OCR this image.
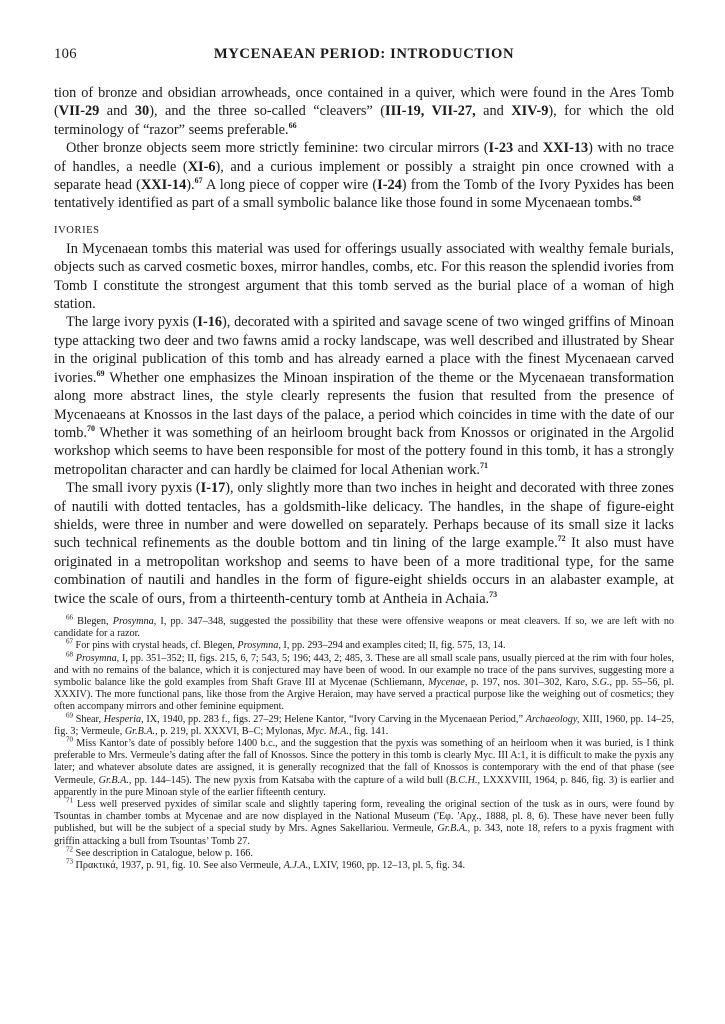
106	MYCENAEAN PERIOD: INTRODUCTION

tion of bronze and obsidian arrowheads, once contained in a quiver, which were found in the Ares Tomb (VII-29 and 30), and the three so-called “cleavers” (III-19, VII-27, and XIV-9), for which the old terminology of “razor” seems preferable.$^{66}$

Other bronze objects seem more strictly feminine: two circular mirrors (I-23 and XXI-13) with no trace of handles, a needle (XI-6), and a curious implement or possibly a straight pin once crowned with a separate head (XXI-14).$^{67}$ A long piece of copper wire (I-24) from the Tomb of the Ivory Pyxides has been tentatively identified as part of a small symbolic balance like those found in some Mycenaean tombs.$^{68}$

IVORIES

In Mycenaean tombs this material was used for offerings usually associated with wealthy female burials, objects such as carved cosmetic boxes, mirror handles, combs, etc. For this reason the splendid ivories from Tomb I constitute the strongest argument that this tomb served as the burial place of a woman of high station.

The large ivory pyxis (I-16), decorated with a spirited and savage scene of two winged griffins of Minoan type attacking two deer and two fawns amid a rocky landscape, was well described and illustrated by Shear in the original publication of this tomb and has already earned a place with the finest Mycenaean carved ivories.$^{69}$ Whether one emphasizes the Minoan inspiration of the theme or the Mycenaean transformation along more abstract lines, the style clearly represents the fusion that resulted from the presence of Mycenaeans at Knossos in the last days of the palace, a period which coincides in time with the date of our tomb.$^{70}$ Whether it was something of an heirloom brought back from Knossos or originated in the Argolid workshop which seems to have been responsible for most of the pottery found in this tomb, it has a strongly metropolitan character and can hardly be claimed for local Athenian work.$^{71}$

The small ivory pyxis (I-17), only slightly more than two inches in height and decorated with three zones of nautili with dotted tentacles, has a goldsmith-like delicacy. The handles, in the shape of figure-eight shields, were three in number and were dowelled on separately. Perhaps because of its small size it lacks such technical refinements as the double bottom and tin lining of the large example.$^{72}$ It also must have originated in a metropolitan workshop and seems to have been of a more traditional type, for the same combination of nautili and handles in the form of figure-eight shields occurs in an alabaster example, at twice the scale of ours, from a thirteenth-century tomb at Antheia in Achaia.$^{73}$

$^{66}$ Blegen, Prosymna, I, pp. 347–348, suggested the possibility that these were offensive weapons or meat cleavers. If so, we are left with no candidate for a razor.

$^{67}$ For pins with crystal heads, cf. Blegen, Prosymna, I, pp. 293–294 and examples cited; II, fig. 575, 13, 14.

$^{68}$ Prosymna, I, pp. 351–352; II, figs. 215, 6, 7; 543, 5; 196; 443, 2; 485, 3. These are all small scale pans, usually pierced at the rim with four holes, and with no remains of the balance, which it is conjectured may have been of wood. In our example no trace of the pans survives, suggesting more a symbolic balance like the gold examples from Shaft Grave III at Mycenae (Schliemann, Mycenae, p. 197, nos. 301–302, Karo, S.G., pp. 55–56, pl. XXXIV). The more functional pans, like those from the Argive Heraion, may have served a practical purpose like the weighing out of cosmetics; they often accompany mirrors and other feminine equipment.

$^{69}$ Shear, Hesperia, IX, 1940, pp. 283 f., figs. 27–29; Helene Kantor, “Ivory Carving in the Mycenaean Period,” Archaeology, XIII, 1960, pp. 14–25, fig. 3; Vermeule, Gr.B.A., p. 219, pl. XXXVI, B–C; Mylonas, Myc. M.A., fig. 141.

$^{70}$ Miss Kantor’s date of possibly before 1400 b.c., and the suggestion that the pyxis was something of an heirloom when it was buried, is I think preferable to Mrs. Vermeule’s dating after the fall of Knossos. Since the pottery in this tomb is clearly Myc. III A:1, it is difficult to make the pyxis any later; and whatever absolute dates are assigned, it is generally recognized that the fall of Knossos is contemporary with the end of that phase (see Vermeule, Gr.B.A., pp. 144–145). The new pyxis from Katsaba with the capture of a wild bull (B.C.H., LXXXVIII, 1964, p. 846, fig. 3) is earlier and apparently in the pure Minoan style of the earlier fifteenth century.

$^{71}$ Less well preserved pyxides of similar scale and slightly tapering form, revealing the original section of the tusk as in ours, were found by Tsountas in chamber tombs at Mycenae and are now displayed in the National Museum ('Εφ. 'Αρχ., 1888, pl. 8, 6). These have never been fully published, but will be the subject of a special study by Mrs. Agnes Sakellariou. Vermeule, Gr.B.A., p. 343, note 18, refers to a pyxis fragment with griffin attacking a bull from Tsountas’ Tomb 27.

$^{72}$ See description in Catalogue, below p. 166.

$^{73}$ Πρακτικά, 1937, p. 91, fig. 10. See also Vermeule, A.J.A., LXIV, 1960, pp. 12–13, pl. 5, fig. 34.
